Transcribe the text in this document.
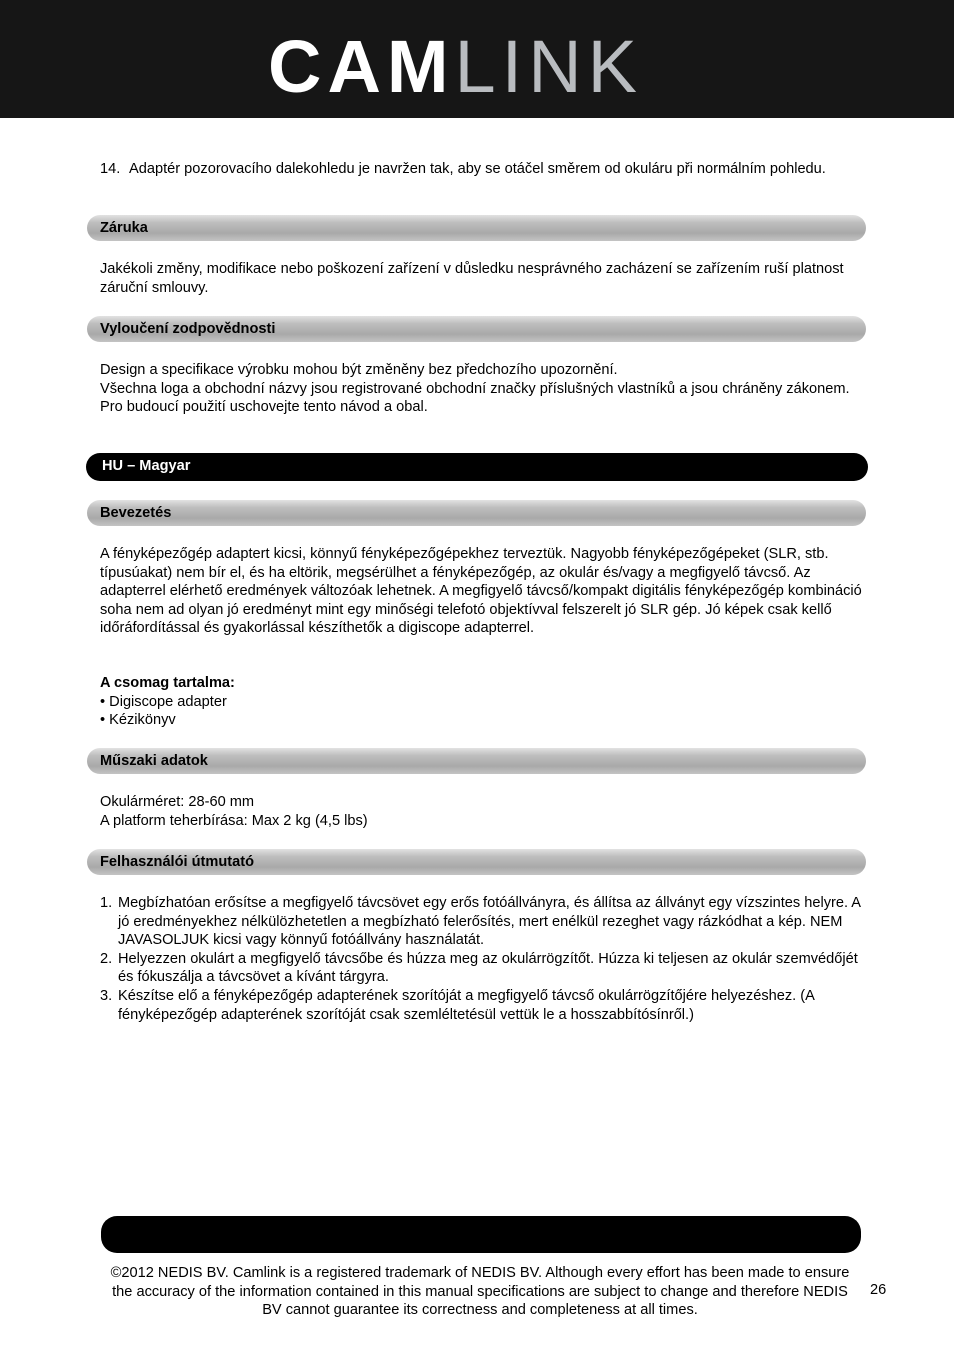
CAMLINK
14. Adaptér pozorovacího dalekohledu je navržen tak, aby se otáčel směrem od okuláru při normálním pohledu.
Záruka
Jakékoli změny, modifikace nebo poškození zařízení v důsledku nesprávného zacházení se zařízením ruší platnost záruční smlouvy.
Vyloučení zodpovědnosti
Design a specifikace výrobku mohou být změněny bez předchozího upozornění.
Všechna loga a obchodní názvy jsou registrované obchodní značky příslušných vlastníků a jsou chráněny zákonem. Pro budoucí použití uschovejte tento návod a obal.
HU – Magyar
Bevezetés
A fényképezőgép adaptert kicsi, könnyű fényképezőgépekhez terveztük. Nagyobb fényképezőgépeket (SLR, stb. típusúakat) nem bír el, és ha eltörik, megsérülhet a fényképezőgép, az okulár és/vagy a megfigyelő távcső. Az adapterrel elérhető eredmények változóak lehetnek. A megfigyelő távcső/kompakt digitális fényképezőgép kombináció soha nem ad olyan jó eredményt mint egy minőségi telefotó objektívval felszerelt jó SLR gép. Jó képek csak kellő időráfordítással és gyakorlással készíthetők a digiscope adapterrel.
A csomag tartalma:
• Digiscope adapter
• Kézikönyv
Műszaki adatok
Okulárméret: 28-60 mm
A platform teherbírása: Max 2 kg (4,5 lbs)
Felhasználói útmutató
1. Megbízhatóan erősítse a megfigyelő távcsövet egy erős fotóállványra, és állítsa az állványt egy vízszintes helyre. A jó eredményekhez nélkülözhetetlen a megbízható felerősítés, mert enélkül rezeghet vagy rázkódhat a kép. NEM JAVASOLJUK kicsi vagy könnyű fotóállvány használatát.
2. Helyezzen okulárt a megfigyelő távcsőbe és húzza meg az okulárrögzítőt. Húzza ki teljesen az okulár szemvédőjét és fókuszálja a távcsövet a kívánt tárgyra.
3. Készítse elő a fényképezőgép adapterének szorítóját a megfigyelő távcső okulárrögzítőjére helyezéshez. (A fényképezőgép adapterének szorítóját csak szemléltetésül vettük le a hosszabbítósínről.)
©2012 NEDIS BV. Camlink is a registered trademark of NEDIS BV. Although every effort has been made to ensure the accuracy of the information contained in this manual specifications are subject to change and therefore NEDIS BV cannot guarantee its correctness and completeness at all times.
26
